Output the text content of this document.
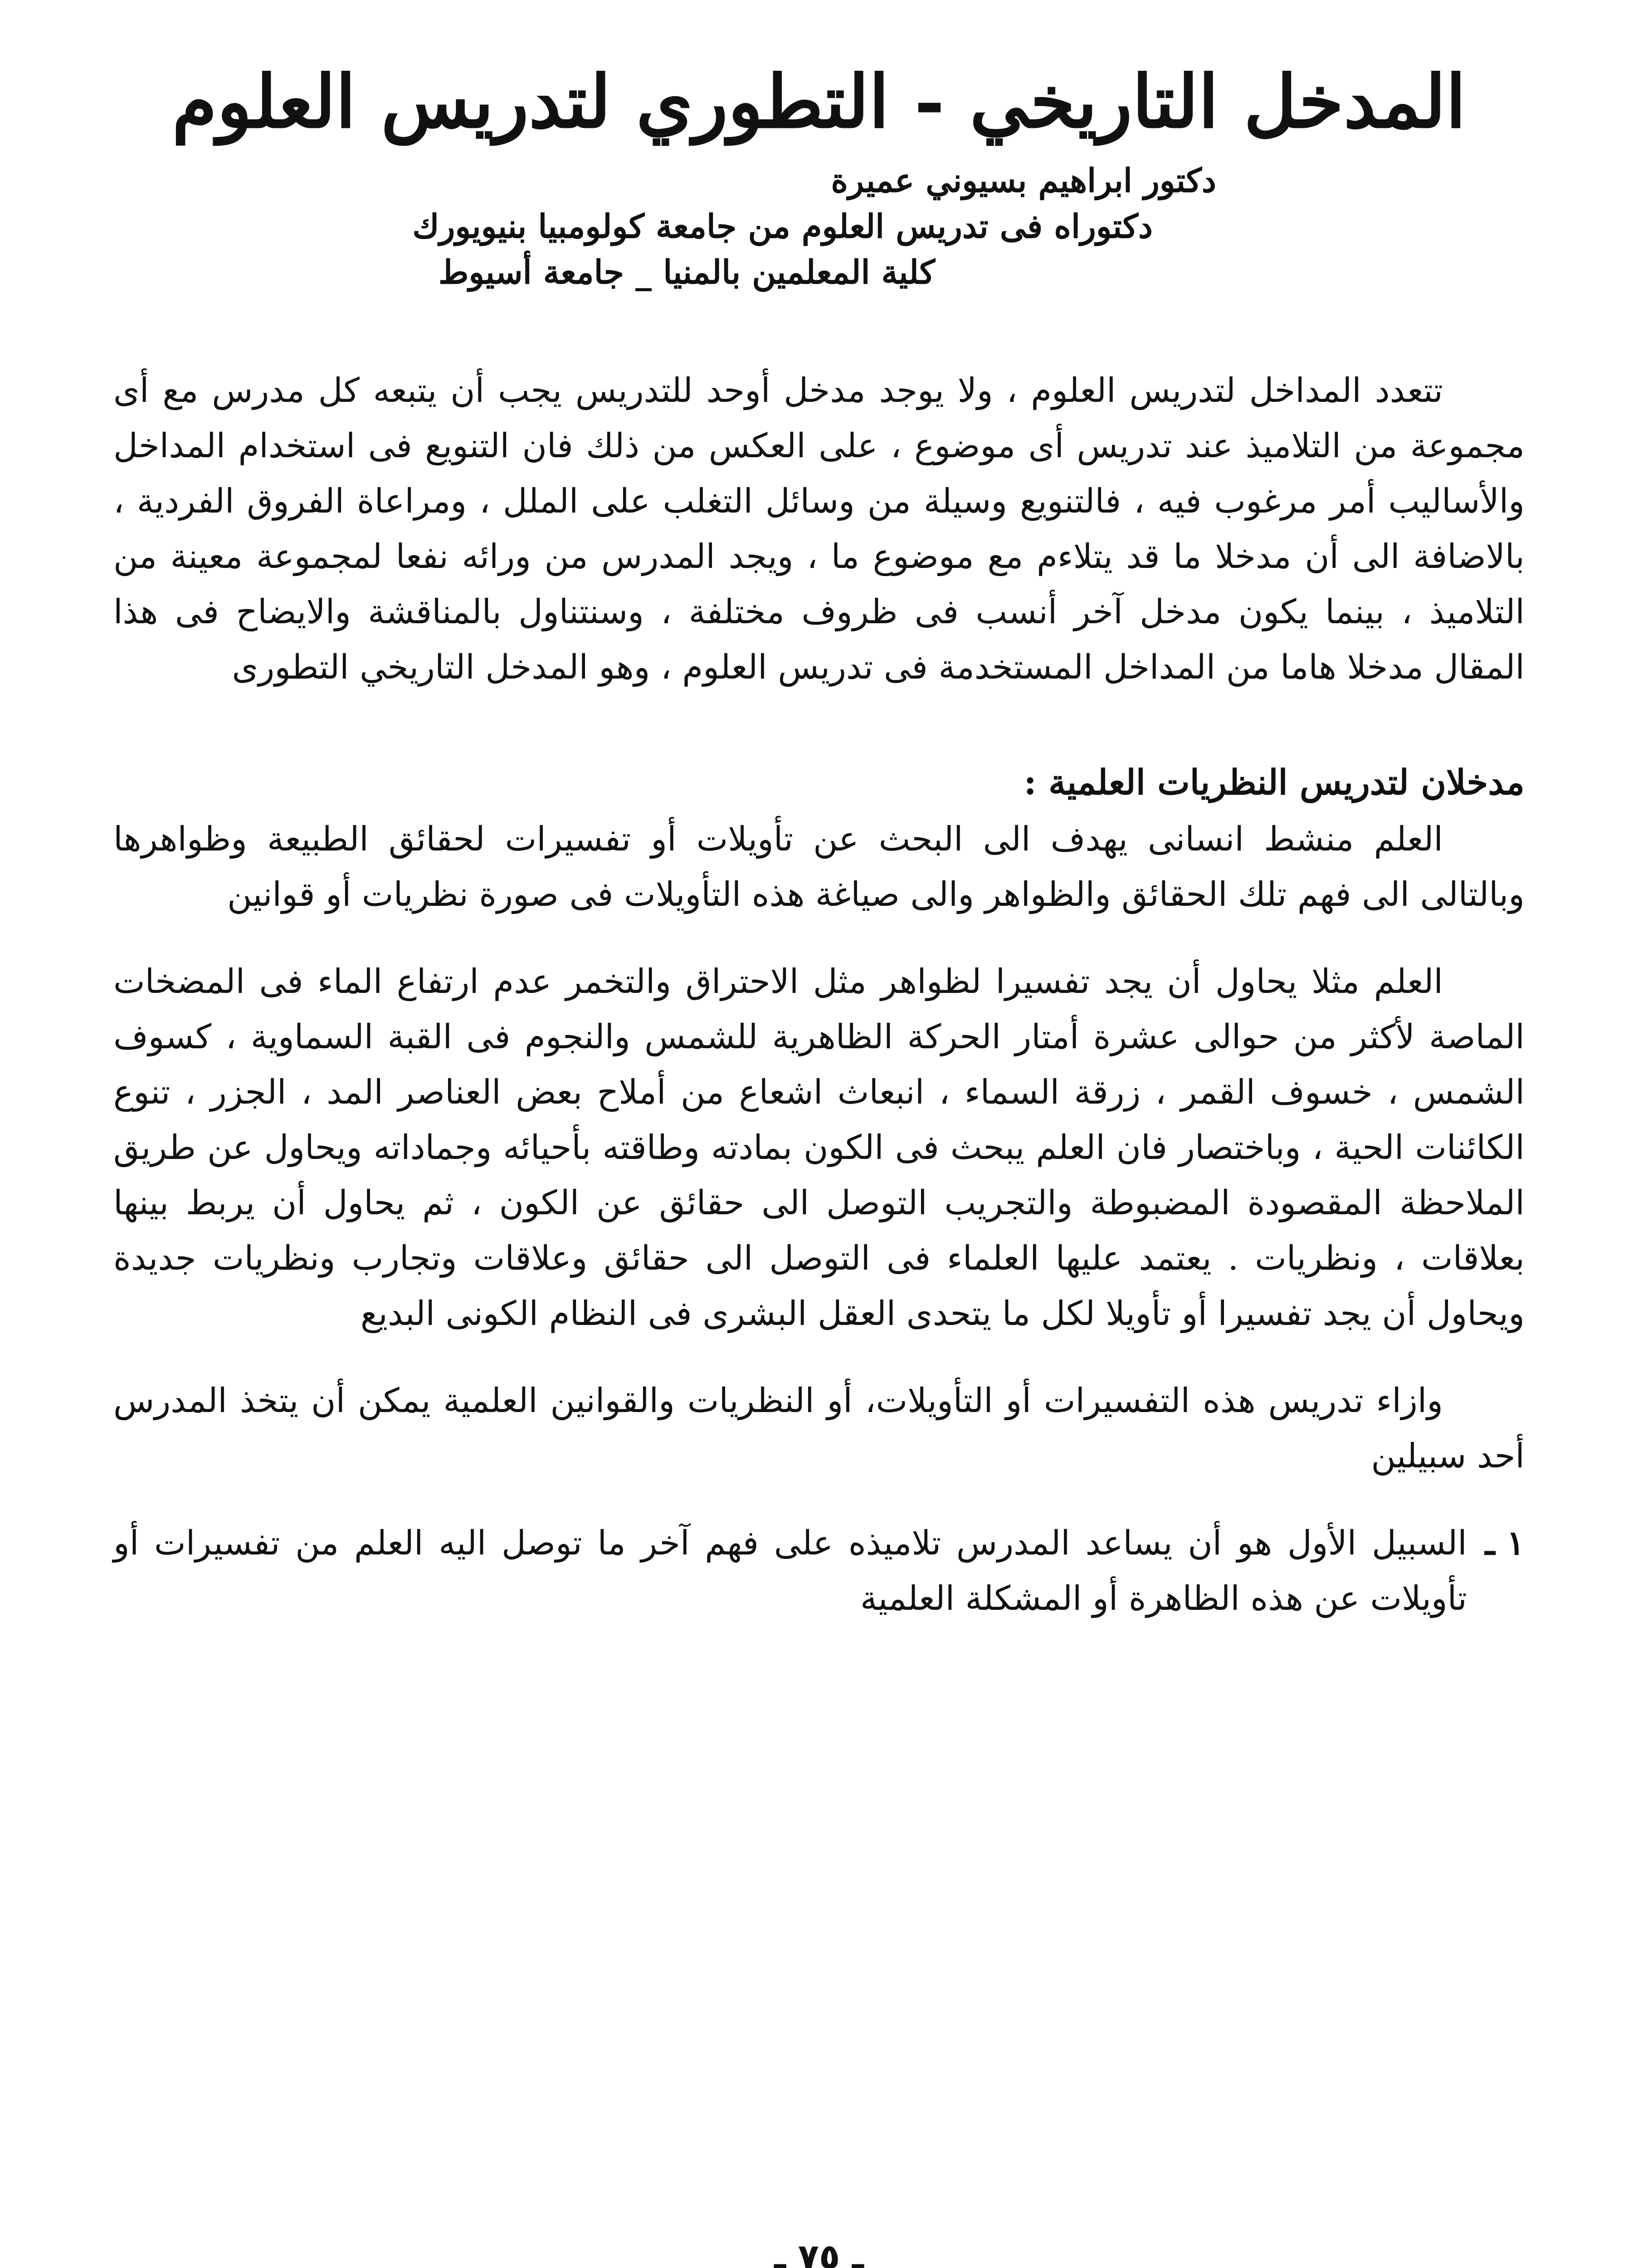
المدخل التاريخي - التطوري لتدريس العلوم
دكتور ابراهيم بسيوني عميرة
دكتوراه فى تدريس العلوم من جامعة كولومبيا بنيويورك
كلية المعلمين بالمنيا _ جامعة أسيوط

تتعدد المداخل لتدريس العلوم ، ولا يوجد مدخل أوحد للتدريس يجب أن يتبعه كل مدرس مع أى مجموعة من التلاميذ عند تدريس أى موضوع ، على العكس من ذلك فان التنويع فى استخدام المداخل والأساليب أمر مرغوب فيه ، فالتنويع وسيلة من وسائل التغلب على الملل ، ومراعاة الفروق الفردية ، بالاضافة الى أن مدخلا ما قد يتلاءم مع موضوع ما ، ويجد المدرس من ورائه نفعا لمجموعة معينة من التلاميذ ، بينما يكون مدخل آخر أنسب فى ظروف مختلفة ، وسنتناول بالمناقشة والايضاح فى هذا المقال مدخلا هاما من المداخل المستخدمة فى تدريس العلوم ، وهو المدخل التاريخي التطورى

مدخلان لتدريس النظريات العلمية :

العلم منشط انسانى يهدف الى البحث عن تأويلات أو تفسيرات لحقائق الطبيعة وظواهرها وبالتالى الى فهم تلك الحقائق والظواهر والى صياغة هذه التأويلات فى صورة نظريات أو قوانين

العلم مثلا يحاول أن يجد تفسيرا لظواهر مثل الاحتراق والتخمر عدم ارتفاع الماء فى المضخات الماصة لأكثر من حوالى عشرة أمتار الحركة الظاهرية للشمس والنجوم فى القبة السماوية ، كسوف الشمس ، خسوف القمر ، زرقة السماء ، انبعاث اشعاع من أملاح بعض العناصر المد ، الجزر ، تنوع الكائنات الحية ، وباختصار فان العلم يبحث فى الكون بمادته وطاقته بأحيائه وجماداته ويحاول عن طريق الملاحظة المقصودة المضبوطة والتجريب التوصل الى حقائق عن الكون ، ثم يحاول أن يربط بينها بعلاقات ، ونظريات . يعتمد عليها العلماء فى التوصل الى حقائق وعلاقات وتجارب ونظريات جديدة ويحاول أن يجد تفسيرا أو تأويلا لكل ما يتحدى العقل البشرى فى النظام الكونى البديع

وازاء تدريس هذه التفسيرات أو التأويلات، أو النظريات والقوانين العلمية يمكن أن يتخذ المدرس أحد سبيلين

١ ـ
السبيل الأول هو أن يساعد المدرس تلاميذه على فهم آخر ما توصل اليه العلم من تفسيرات أو تأويلات عن هذه الظاهرة أو المشكلة العلمية
ـ ٧٥ ـ
